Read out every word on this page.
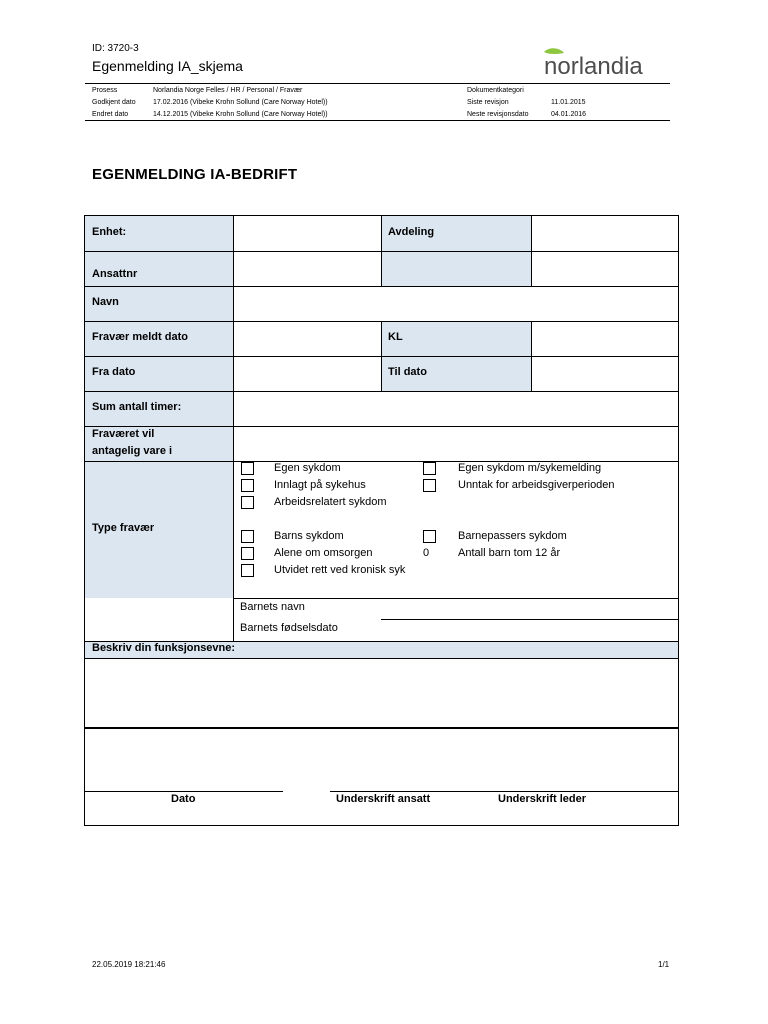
ID: 3720-3
Egenmelding IA_skjema	norlandia
Prosess	Norlandia Norge Felles / HR / Personal / Fravær	Dokumentkategori
Godkjent dato 17.02.2016 (Vibeke Krohn Sollund (Care Norway Hotel))	Siste revisjon	11.01.2015
Endret dato	14.12.2015 (Vibeke Krohn Sollund (Care Norway Hotel))	Neste revisjonsdato	04.01.2016
EGENMELDING IA-BEDRIFT
Enhet:	Avdeling
Ansattnr
Navn
Fravær meldt dato	KL
Fra dato	Til dato
Sum antall timer:
Fraværet vil
antagelig vare i
Type fravær
Egen sykdom	Egen sykdom m/sykemelding
Innlagt på sykehus	Unntak for arbeidsgiverperioden
Arbeidsrelatert sykdom
Barns sykdom	Barnepassers sykdom
Alene om omsorgen	0	Antall barn tom 12 år
Utvidet rett ved kronisk syk
Barnets navn
Barnets fødselsdato
Beskriv din funksjonsevne:
Dato	Underskrift ansatt	Underskrift leder
22.05.2019 18:21:46	1/1
